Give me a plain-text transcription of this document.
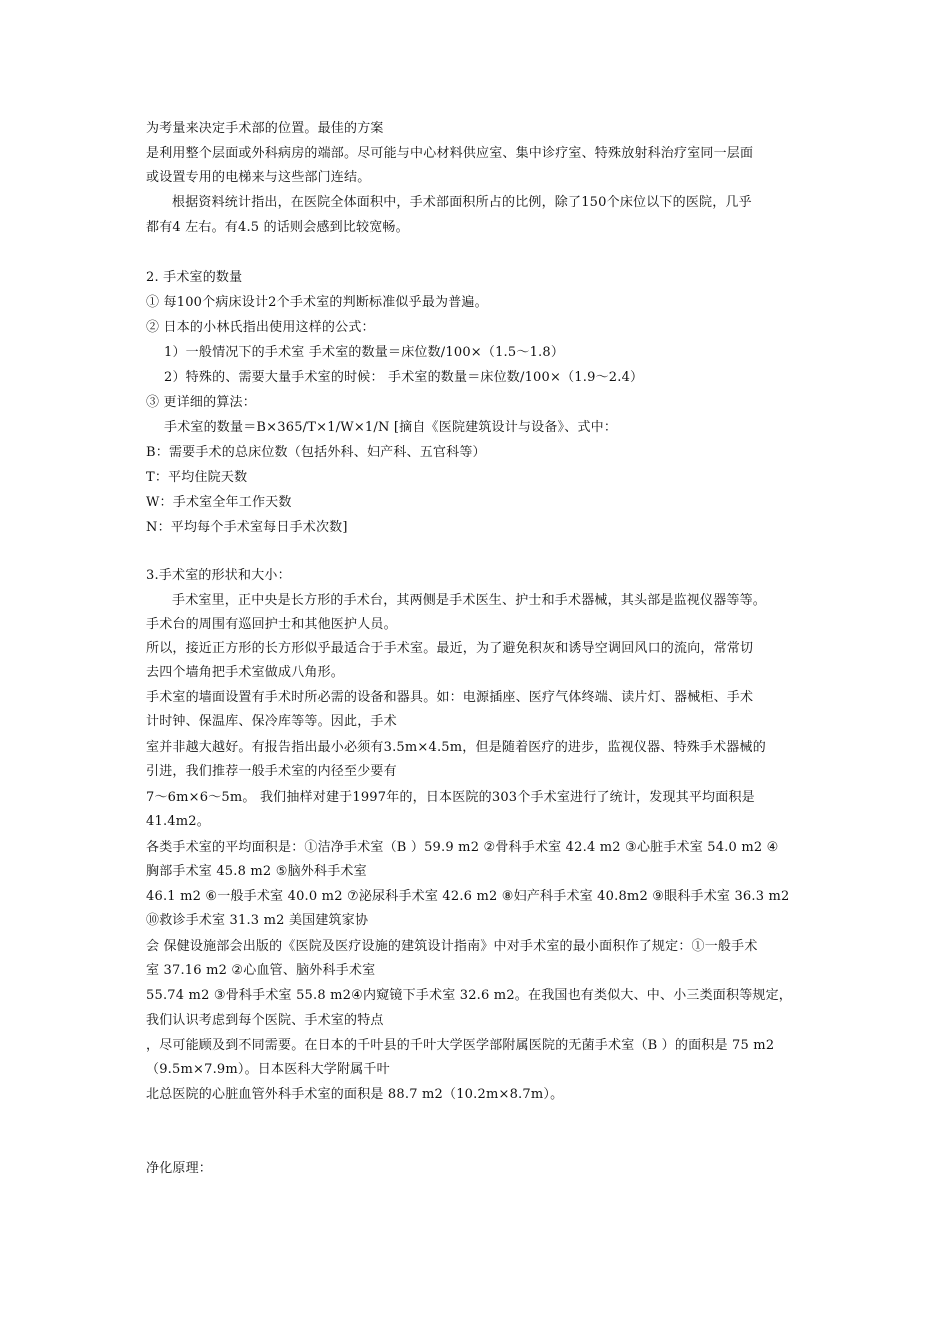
为考量来决定手术部的位置。最佳的方案
是利用整个层面或外科病房的端部。尽可能与中心材料供应室、集中诊疗室、特殊放射科治疗室同一层面
或设置专用的电梯来与这些部门连结。
根据资料统计指出，在医院全体面积中，手术部面积所占的比例，除了150个床位以下的医院，几乎
都有4 左右。有4.5 的话则会感到比较宽畅。
2. 手术室的数量
① 每100个病床设计2个手术室的判断标准似乎最为普遍。
② 日本的小林氏指出使用这样的公式：
1）一般情况下的手术室 手术室的数量＝床位数/100×（1.5～1.8）
2）特殊的、需要大量手术室的时候： 手术室的数量＝床位数/100×（1.9～2.4）
③ 更详细的算法：
手术室的数量＝B×365/T×1/W×1/N [摘自《医院建筑设计与设备》、式中：
B：需要手术的总床位数（包括外科、妇产科、五官科等）
T：平均住院天数
W：手术室全年工作天数
N：平均每个手术室每日手术次数]
3.手术室的形状和大小：
手术室里，正中央是长方形的手术台，其两侧是手术医生、护士和手术器械，其头部是监视仪器等等。
手术台的周围有巡回护士和其他医护人员。
所以，接近正方形的长方形似乎最适合于手术室。最近，为了避免积灰和诱导空调回风口的流向，常常切
去四个墙角把手术室做成八角形。
手术室的墙面设置有手术时所必需的设备和器具。如：电源插座、医疗气体终端、读片灯、器械柜、手术
计时钟、保温库、保冷库等等。因此，手术
室并非越大越好。有报告指出最小必须有3.5m×4.5m，但是随着医疗的进步，监视仪器、特殊手术器械的
引进，我们推荐一般手术室的内径至少要有
7～6m×6～5m。 我们抽样对建于1997年的，日本医院的303个手术室进行了统计，发现其平均面积是
41.4m2。
各类手术室的平均面积是：①洁净手术室（B ）59.9 m2 ②骨科手术室 42.4 m2 ③心脏手术室 54.0 m2 ④
胸部手术室 45.8 m2 ⑤脑外科手术室
46.1 m2 ⑥一般手术室 40.0 m2 ⑦泌尿科手术室 42.6 m2 ⑧妇产科手术室 40.8m2 ⑨眼科手术室 36.3 m2
⑩救诊手术室 31.3 m2 美国建筑家协
会 保健设施部会出版的《医院及医疗设施的建筑设计指南》中对手术室的最小面积作了规定：①一般手术
室 37.16 m2 ②心血管、脑外科手术室
55.74 m2 ③骨科手术室 55.8 m2④内窥镜下手术室 32.6 m2。在我国也有类似大、中、小三类面积等规定，
我们认识考虑到每个医院、手术室的特点
，尽可能顾及到不同需要。在日本的千叶县的千叶大学医学部附属医院的无菌手术室（B ）的面积是 75 m2
（9.5m×7.9m）。日本医科大学附属千叶
北总医院的心脏血管外科手术室的面积是 88.7 m2（10.2m×8.7m）。
净化原理：
